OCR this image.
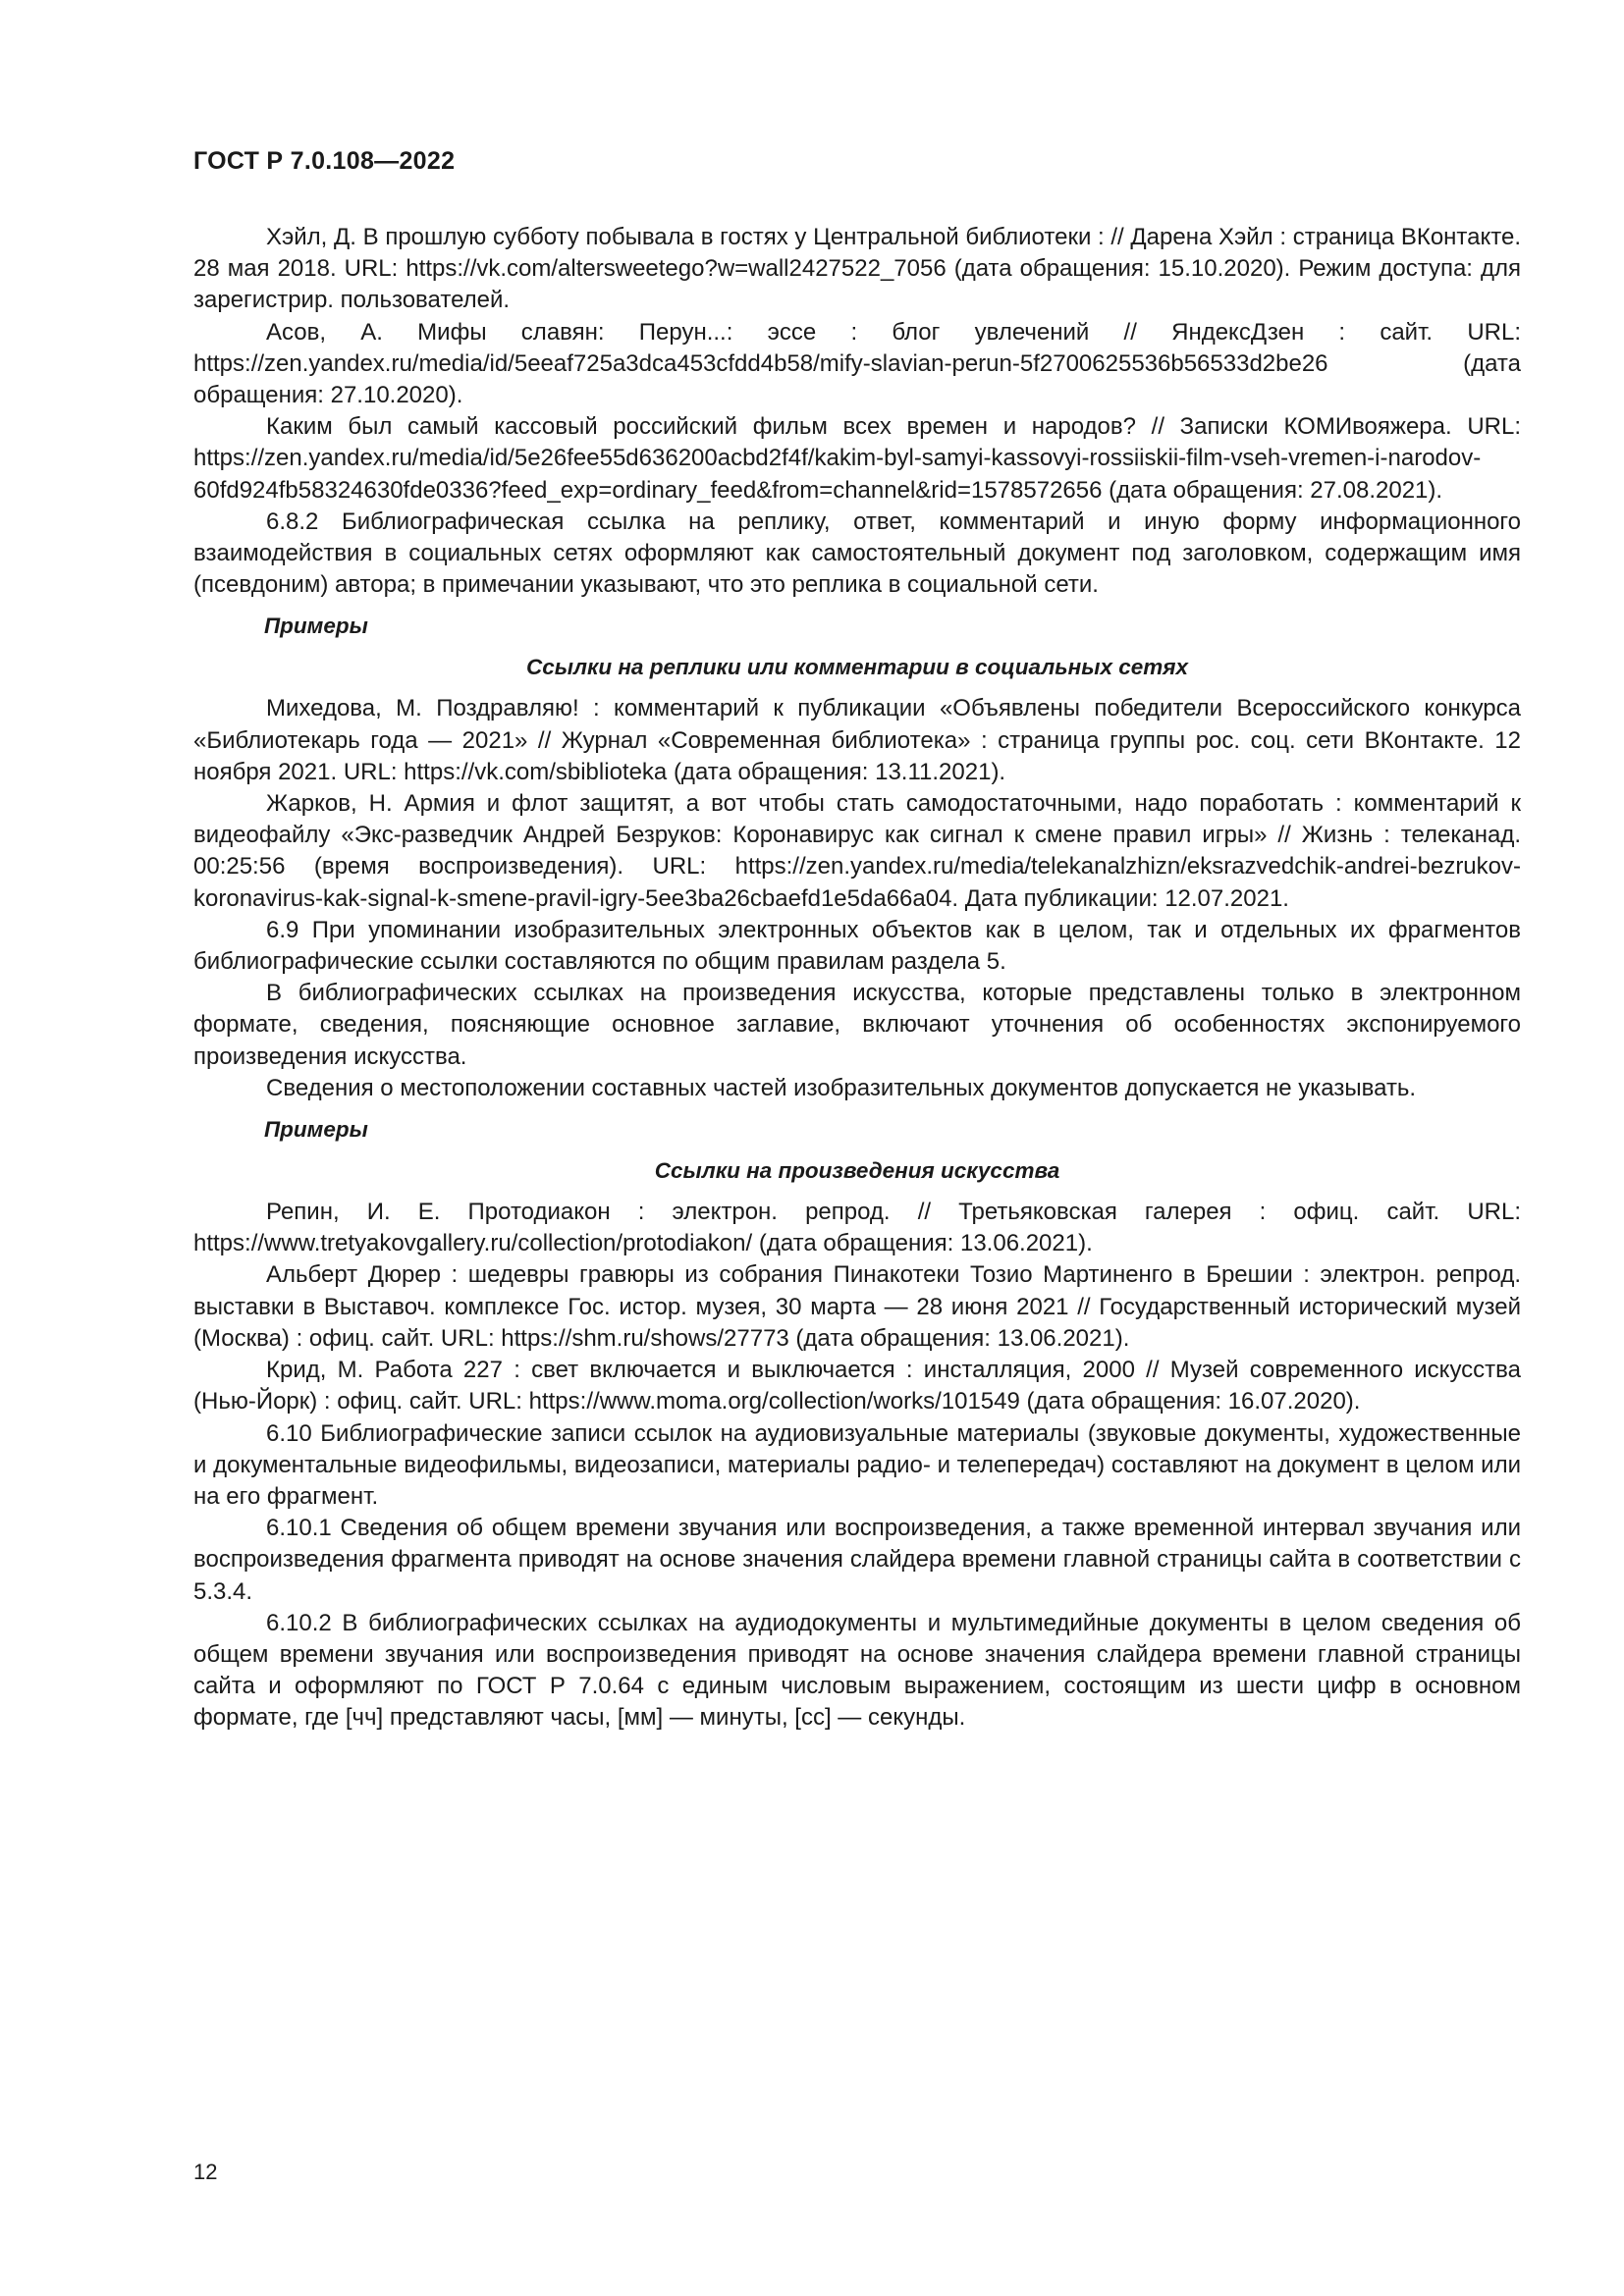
ГОСТ Р 7.0.108—2022

Хэйл, Д. В прошлую субботу побывала в гостях у Центральной библиотеки : // Дарена Хэйл : страница ВКонтакте. 28 мая 2018. URL: https://vk.com/altersweetego?w=wall2427522_7056 (дата обращения: 15.10.2020). Режим доступа: для зарегистрир. пользователей.

Асов, А. Мифы славян: Перун...: эссе : блог увлечений // ЯндексДзен : сайт. URL: https://zen.yandex.ru/media/id/5eeaf725a3dca453cfdd4b58/mify-slavian-perun-5f2700625536b56533d2be26 (дата обращения: 27.10.2020).

Каким был самый кассовый российский фильм всех времен и народов? // Записки КОМИвояжера. URL: https://zen.yandex.ru/media/id/5e26fee55d636200acbd2f4f/kakim-byl-samyi-kassovyi-rossiiskii-film-vseh-vremen-i-narodov-60fd924fb58324630fde0336?feed_exp=ordinary_feed&from=channel&rid=1578572656 (дата обращения: 27.08.2021).

6.8.2 Библиографическая ссылка на реплику, ответ, комментарий и иную форму информационного взаимодействия в социальных сетях оформляют как самостоятельный документ под заголовком, содержащим имя (псевдоним) автора; в примечании указывают, что это реплика в социальной сети.

Примеры
Ссылки на реплики или комментарии в социальных сетях

Михедова, М. Поздравляю! : комментарий к публикации «Объявлены победители Всероссийского конкурса «Библиотекарь года — 2021» // Журнал «Современная библиотека» : страница группы рос. соц. сети ВКонтакте. 12 ноября 2021. URL: https://vk.com/sbiblioteka (дата обращения: 13.11.2021).

Жарков, Н. Армия и флот защитят, а вот чтобы стать самодостаточными, надо поработать : комментарий к видеофайлу «Экс-разведчик Андрей Безруков: Коронавирус как сигнал к смене правил игры» // Жизнь : телеканад. 00:25:56 (время воспроизведения). URL: https://zen.yandex.ru/media/telekanalzhizn/eksrazvedchik-andrei-bezrukov-koronavirus-kak-signal-k-smene-pravil-igry-5ee3ba26cbaefd1e5da66a04. Дата публикации: 12.07.2021.

6.9 При упоминании изобразительных электронных объектов как в целом, так и отдельных их фрагментов библиографические ссылки составляются по общим правилам раздела 5.

В библиографических ссылках на произведения искусства, которые представлены только в электронном формате, сведения, поясняющие основное заглавие, включают уточнения об особенностях экспонируемого произведения искусства.

Сведения о местоположении составных частей изобразительных документов допускается не указывать.

Примеры
Ссылки на произведения искусства

Репин, И. Е. Протодиакон : электрон. репрод. // Третьяковская галерея : офиц. сайт. URL: https://www.tretyakovgallery.ru/collection/protodiakon/ (дата обращения: 13.06.2021).

Альберт Дюрер : шедевры гравюры из собрания Пинакотеки Тозио Мартиненго в Брешии : электрон. репрод. выставки в Выставоч. комплексе Гос. истор. музея, 30 марта — 28 июня 2021 // Государственный исторический музей (Москва) : офиц. сайт. URL: https://shm.ru/shows/27773 (дата обращения: 13.06.2021).

Крид, М. Работа 227 : свет включается и выключается : инсталляция, 2000 // Музей современного искусства (Нью-Йорк) : офиц. сайт. URL: https://www.moma.org/collection/works/101549 (дата обращения: 16.07.2020).

6.10 Библиографические записи ссылок на аудиовизуальные материалы (звуковые документы, художественные и документальные видеофильмы, видеозаписи, материалы радио- и телепередач) составляют на документ в целом или на его фрагмент.

6.10.1 Сведения об общем времени звучания или воспроизведения, а также временной интервал звучания или воспроизведения фрагмента приводят на основе значения слайдера времени главной страницы сайта в соответствии с 5.3.4.

6.10.2 В библиографических ссылках на аудиодокументы и мультимедийные документы в целом сведения об общем времени звучания или воспроизведения приводят на основе значения слайдера времени главной страницы сайта и оформляют по ГОСТ Р 7.0.64 с единым числовым выражением, состоящим из шести цифр в основном формате, где [чч] представляют часы, [мм] — минуты, [сс] — секунды.

12
